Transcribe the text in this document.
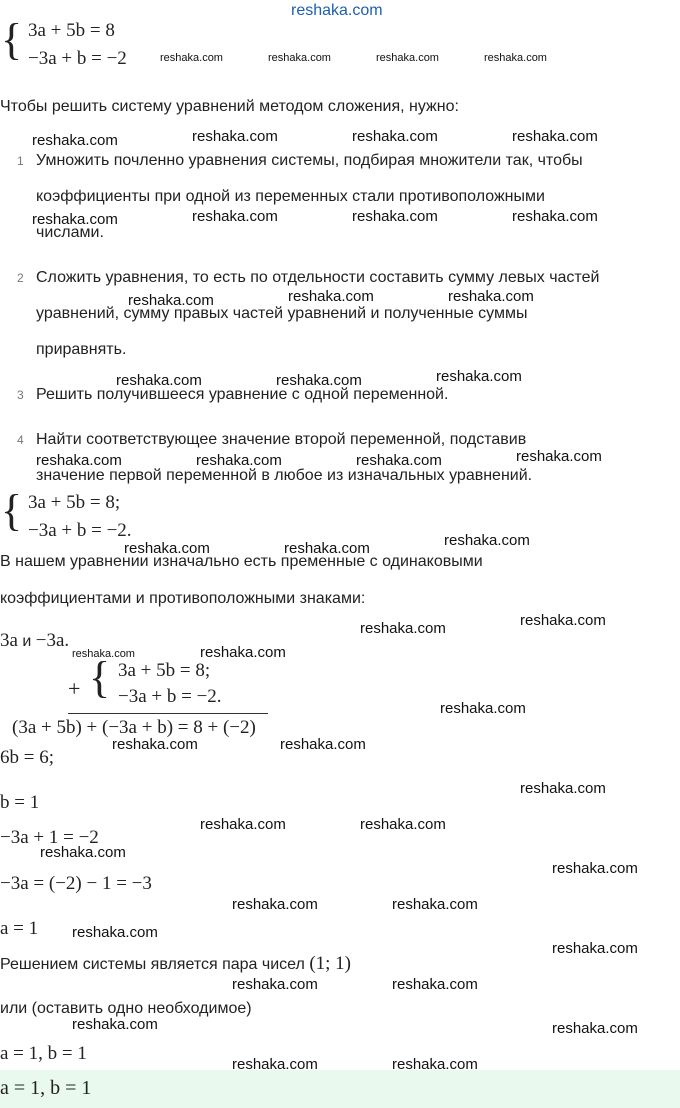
reshaka.com
{ 3a + 5b = 8
−3a + b = −2
Чтобы решить систему уравнений методом сложения, нужно:
1 Умножить почленно уравнения системы, подбирая множители так, чтобы
коэффициенты при одной из переменных стали противоположными
числами.
2 Сложить уравнения, то есть по отдельности составить сумму левых частей
уравнений, сумму правых частей уравнений и полученные суммы
приравнять.
3 Решить получившееся уравнение с одной переменной.
4 Найти соответствующее значение второй переменной, подставив
значение первой переменной в любое из изначальных уравнений.
{ 3a + 5b = 8;
−3a + b = −2.
В нашем уравнении изначально есть пременные с одинаковыми
коэффициентами и противоположными знаками:
3a и −3a.
+ { 3a + 5b = 8;
−3a + b = −2.
(3a + 5b) + (−3a + b) = 8 + (−2)
6b = 6;
b = 1
−3a + 1 = −2
−3a = (−2) − 1 = −3
a = 1
Решением системы является пара чисел (1; 1)
или (оставить одно необходимое)
a = 1, b = 1
a = 1, b = 1
reshaka.com	reshaka.com	reshaka.com	reshaka.com
reshaka.com	reshaka.com	reshaka.com	reshaka.com
reshaka.com	reshaka.com	reshaka.com	reshaka.com
reshaka.com	reshaka.com	reshaka.com
reshaka.com	reshaka.com	reshaka.com
reshaka.com	reshaka.com	reshaka.com	reshaka.com
reshaka.com	reshaka.com	reshaka.com
reshaka.com	reshaka.com
reshaka.com	reshaka.com
reshaka.com
reshaka.com	reshaka.com
reshaka.com
reshaka.com	reshaka.com
reshaka.com
reshaka.com
reshaka.com	reshaka.com
reshaka.com
reshaka.com
reshaka.com	reshaka.com
reshaka.com	reshaka.com
reshaka.com	reshaka.com
